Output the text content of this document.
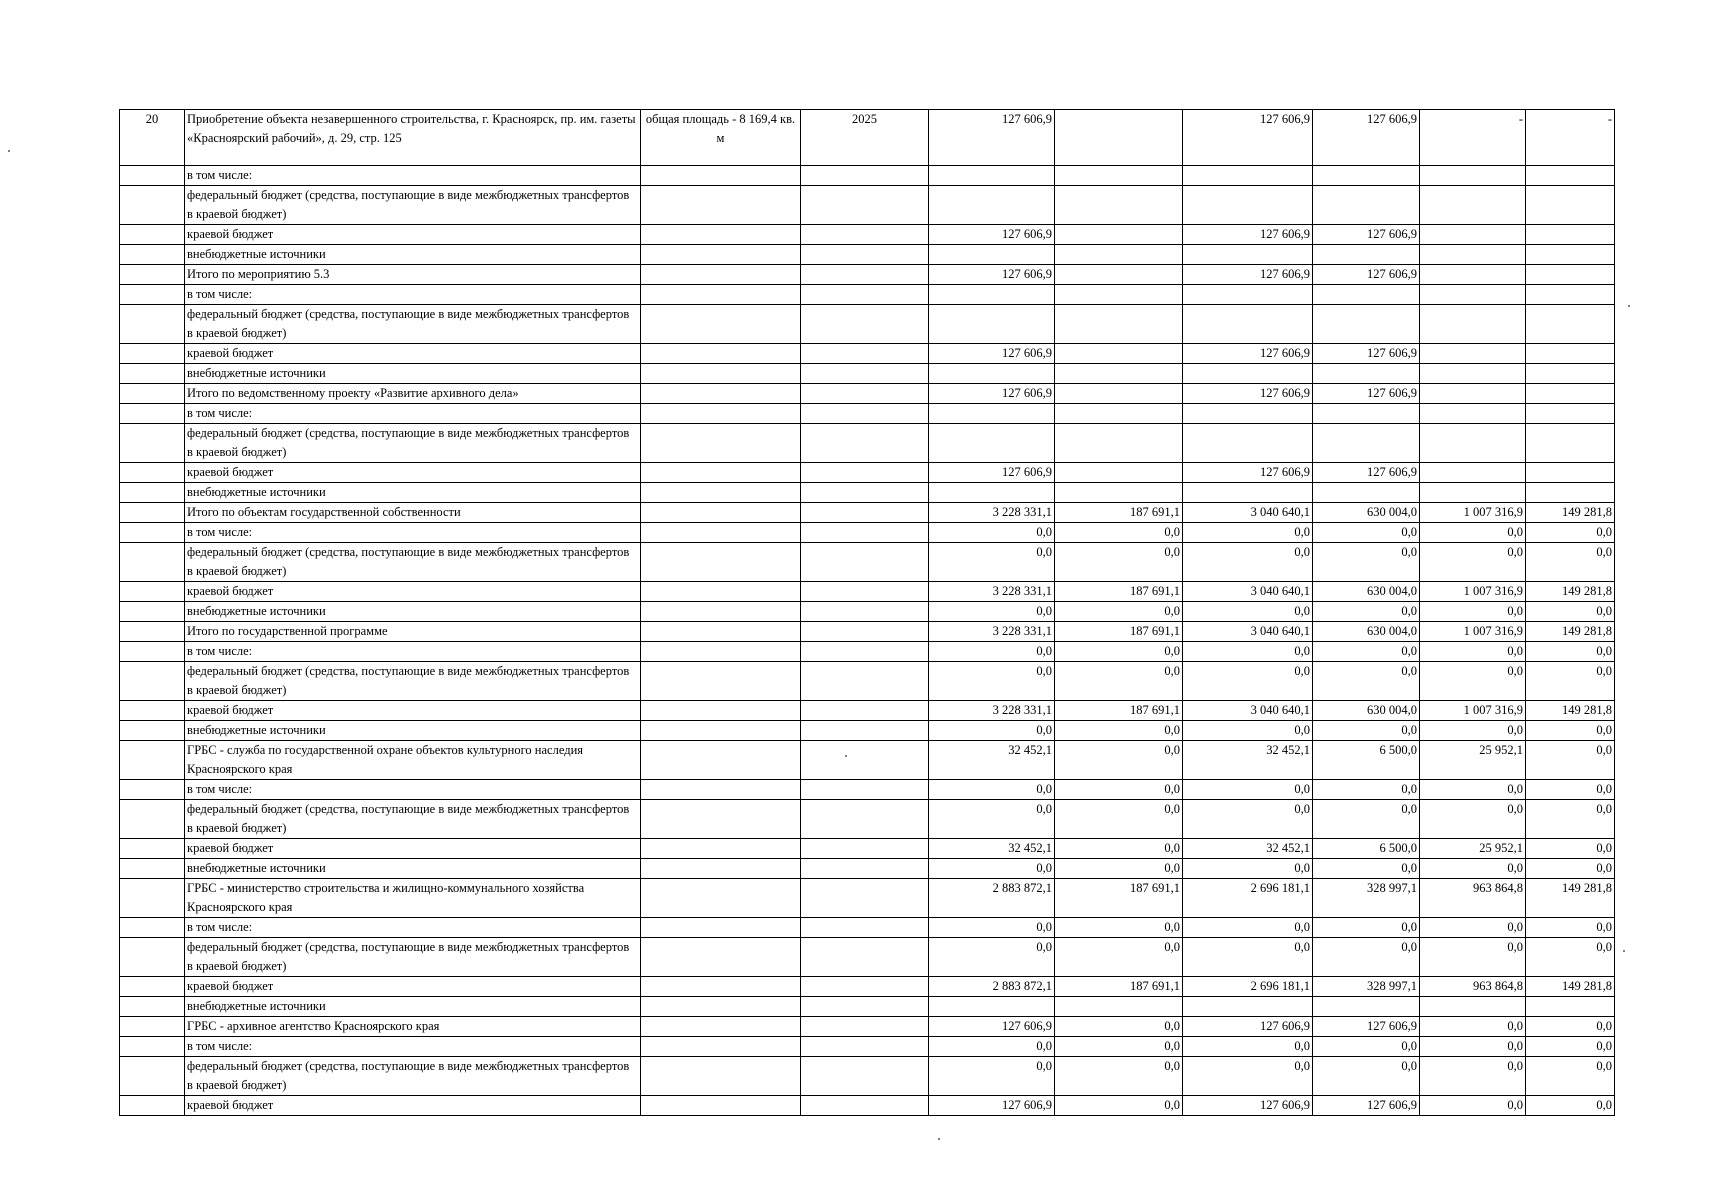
20	Приобретение объекта незавершенного строительства, г. Красноярск, пр. им. газеты «Красноярский рабочий», д. 29, стр. 125	общая площадь - 8 169,4 кв. м	2025	127 606,9		127 606,9	127 606,9	-	-
	в том числе:								
	федеральный бюджет (средства, поступающие в виде межбюджетных трансфертов в краевой бюджет)								
	краевой бюджет			127 606,9		127 606,9	127 606,9		
	внебюджетные источники								
	Итого по мероприятию 5.3			127 606,9		127 606,9	127 606,9		
	в том числе:								
	федеральный бюджет (средства, поступающие в виде межбюджетных трансфертов в краевой бюджет)								
	краевой бюджет			127 606,9		127 606,9	127 606,9		
	внебюджетные источники								
	Итого по ведомственному проекту «Развитие архивного дела»			127 606,9		127 606,9	127 606,9		
	в том числе:								
	федеральный бюджет (средства, поступающие в виде межбюджетных трансфертов в краевой бюджет)								
	краевой бюджет			127 606,9		127 606,9	127 606,9		
	внебюджетные источники								
	Итого по объектам государственной собственности			3 228 331,1	187 691,1	3 040 640,1	630 004,0	1 007 316,9	149 281,8
	в том числе:			0,0	0,0	0,0	0,0	0,0	0,0
	федеральный бюджет (средства, поступающие в виде межбюджетных трансфертов в краевой бюджет)			0,0	0,0	0,0	0,0	0,0	0,0
	краевой бюджет			3 228 331,1	187 691,1	3 040 640,1	630 004,0	1 007 316,9	149 281,8
	внебюджетные источники			0,0	0,0	0,0	0,0	0,0	0,0
	Итого по государственной программе			3 228 331,1	187 691,1	3 040 640,1	630 004,0	1 007 316,9	149 281,8
	в том числе:			0,0	0,0	0,0	0,0	0,0	0,0
	федеральный бюджет (средства, поступающие в виде межбюджетных трансфертов в краевой бюджет)			0,0	0,0	0,0	0,0	0,0	0,0
	краевой бюджет			3 228 331,1	187 691,1	3 040 640,1	630 004,0	1 007 316,9	149 281,8
	внебюджетные источники			0,0	0,0	0,0	0,0	0,0	0,0
	ГРБС - служба по государственной охране объектов культурного наследия Красноярского края			32 452,1	0,0	32 452,1	6 500,0	25 952,1	0,0
	в том числе:			0,0	0,0	0,0	0,0	0,0	0,0
	федеральный бюджет (средства, поступающие в виде межбюджетных трансфертов в краевой бюджет)			0,0	0,0	0,0	0,0	0,0	0,0
	краевой бюджет			32 452,1	0,0	32 452,1	6 500,0	25 952,1	0,0
	внебюджетные источники			0,0	0,0	0,0	0,0	0,0	0,0
	ГРБС - министерство строительства и жилищно-коммунального хозяйства Красноярского края			2 883 872,1	187 691,1	2 696 181,1	328 997,1	963 864,8	149 281,8
	в том числе:			0,0	0,0	0,0	0,0	0,0	0,0
	федеральный бюджет (средства, поступающие в виде межбюджетных трансфертов в краевой бюджет)			0,0	0,0	0,0	0,0	0,0	0,0
	краевой бюджет			2 883 872,1	187 691,1	2 696 181,1	328 997,1	963 864,8	149 281,8
	внебюджетные источники								
	ГРБС - архивное агентство Красноярского края			127 606,9	0,0	127 606,9	127 606,9	0,0	0,0
	в том числе:			0,0	0,0	0,0	0,0	0,0	0,0
	федеральный бюджет (средства, поступающие в виде межбюджетных трансфертов в краевой бюджет)			0,0	0,0	0,0	0,0	0,0	0,0
	краевой бюджет			127 606,9	0,0	127 606,9	127 606,9	0,0	0,0
